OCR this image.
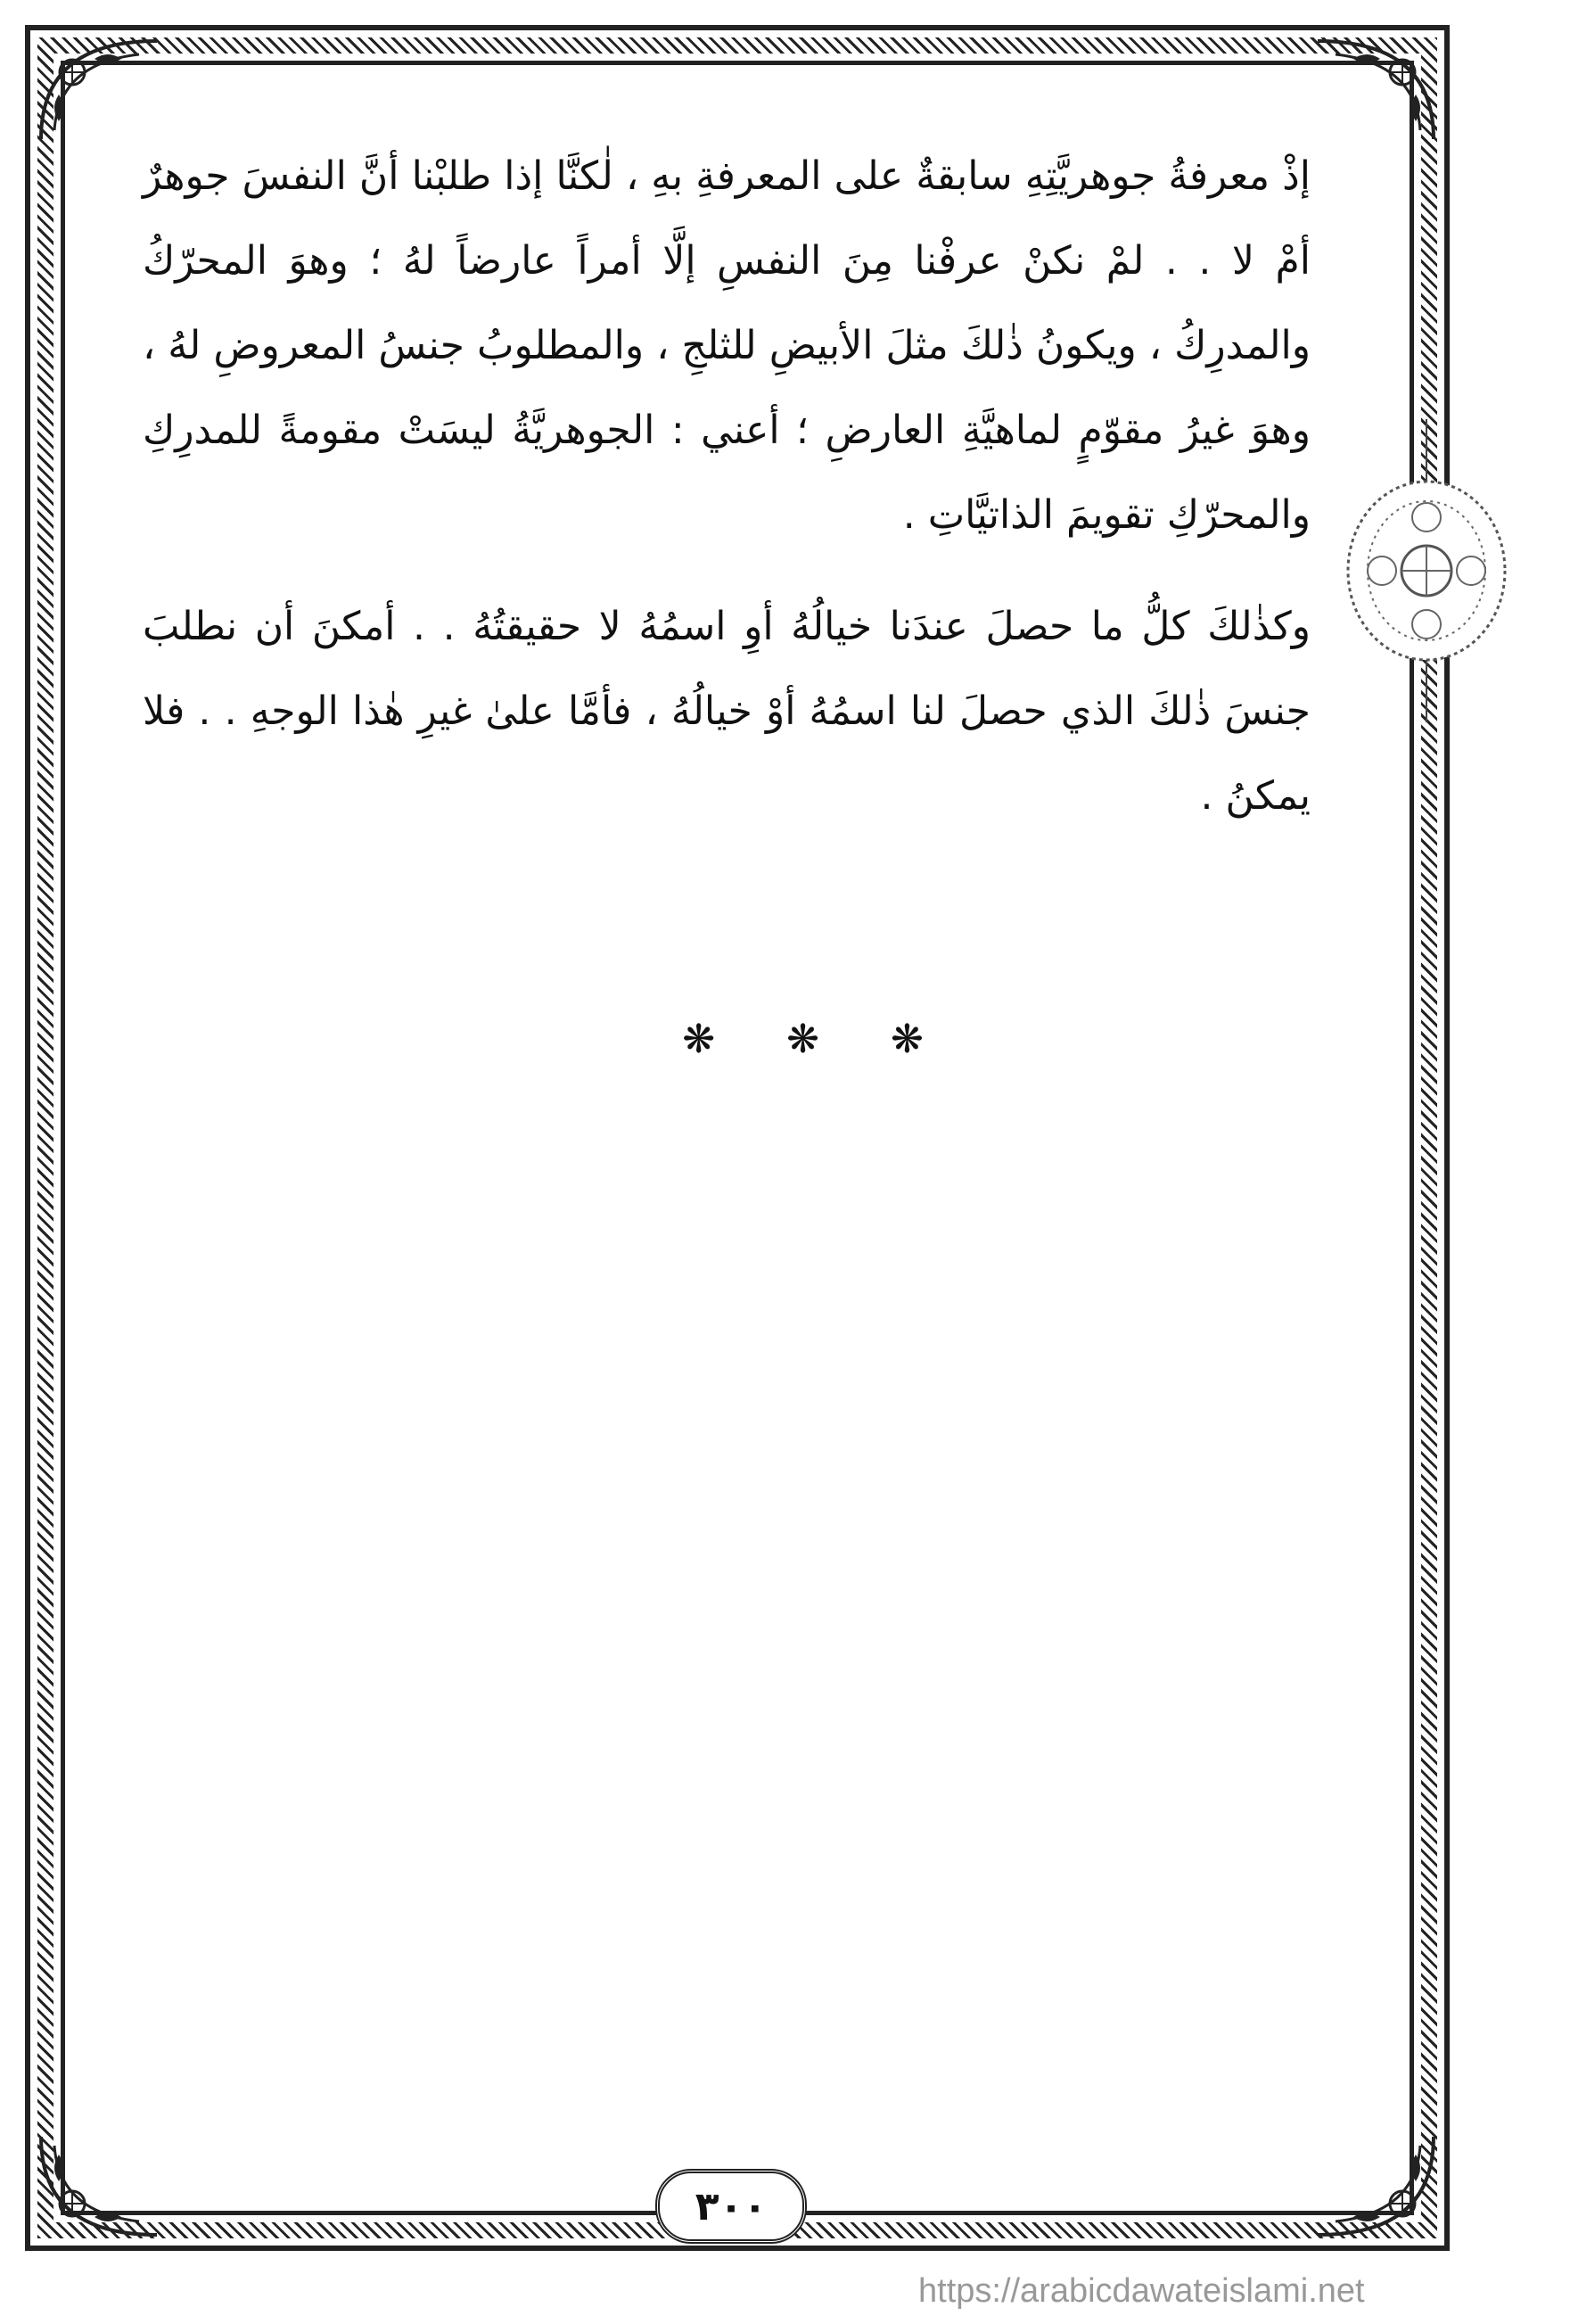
إذْ معرفةُ جوهريَّتِهِ سابقةٌ على المعرفةِ بهِ ، لٰكنَّا إذا طلبْنا أنَّ النفسَ جوهرٌ أمْ لا . . لمْ نكنْ عرفْنا مِنَ النفسِ إلَّا أمراً عارضاً لهُ ؛ وهوَ المحرّكُ والمدرِكُ ، ويكونُ ذٰلكَ مثلَ الأبيضِ للثلجِ ، والمطلوبُ جنسُ المعروضِ لهُ ، وهوَ غيرُ مقوّمٍ لماهيَّةِ العارضِ ؛ أعني : الجوهريَّةُ ليسَتْ مقومةً للمدرِكِ والمحرّكِ تقويمَ الذاتيَّاتِ .

وكذٰلكَ كلُّ ما حصلَ عندَنا خيالُهُ أوِ اسمُهُ لا حقيقتُهُ . . أمكنَ أن نطلبَ جنسَ ذٰلكَ الذي حصلَ لنا اسمُهُ أوْ خيالُهُ ، فأمَّا علىٰ غيرِ هٰذا الوجهِ . . فلا يمكنُ .

❋ ❋ ❋
٣٠٠
https://arabicdawateislami.net
